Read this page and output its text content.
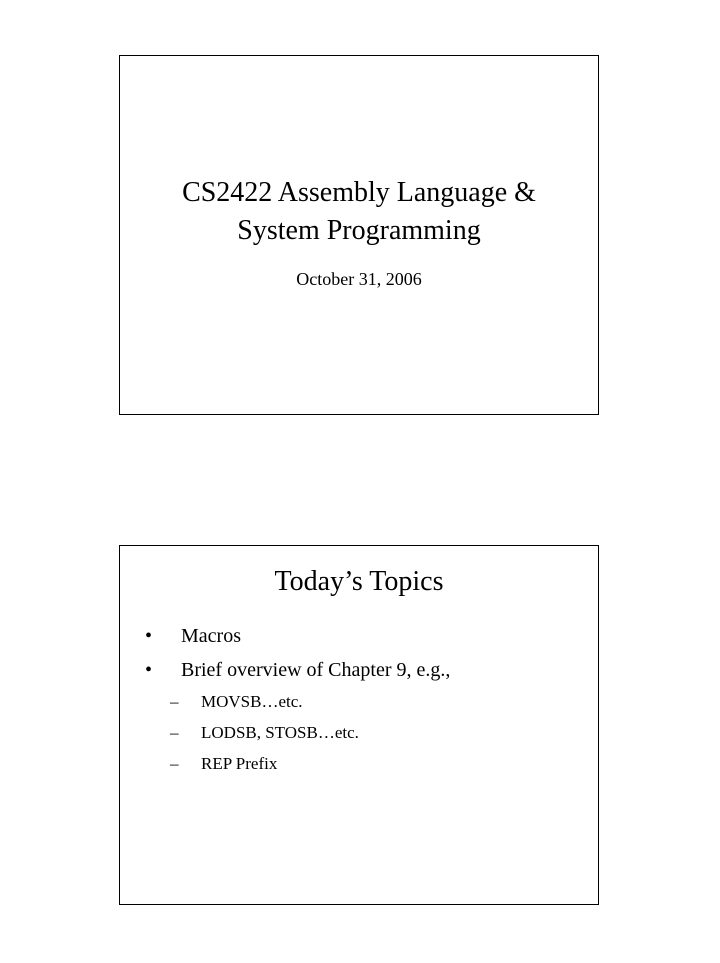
CS2422 Assembly Language &
System Programming
October 31, 2006
Today’s Topics
• Macros
• Brief overview of Chapter 9, e.g.,
– MOVSB…etc.
– LODSB, STOSB…etc.
– REP Prefix
